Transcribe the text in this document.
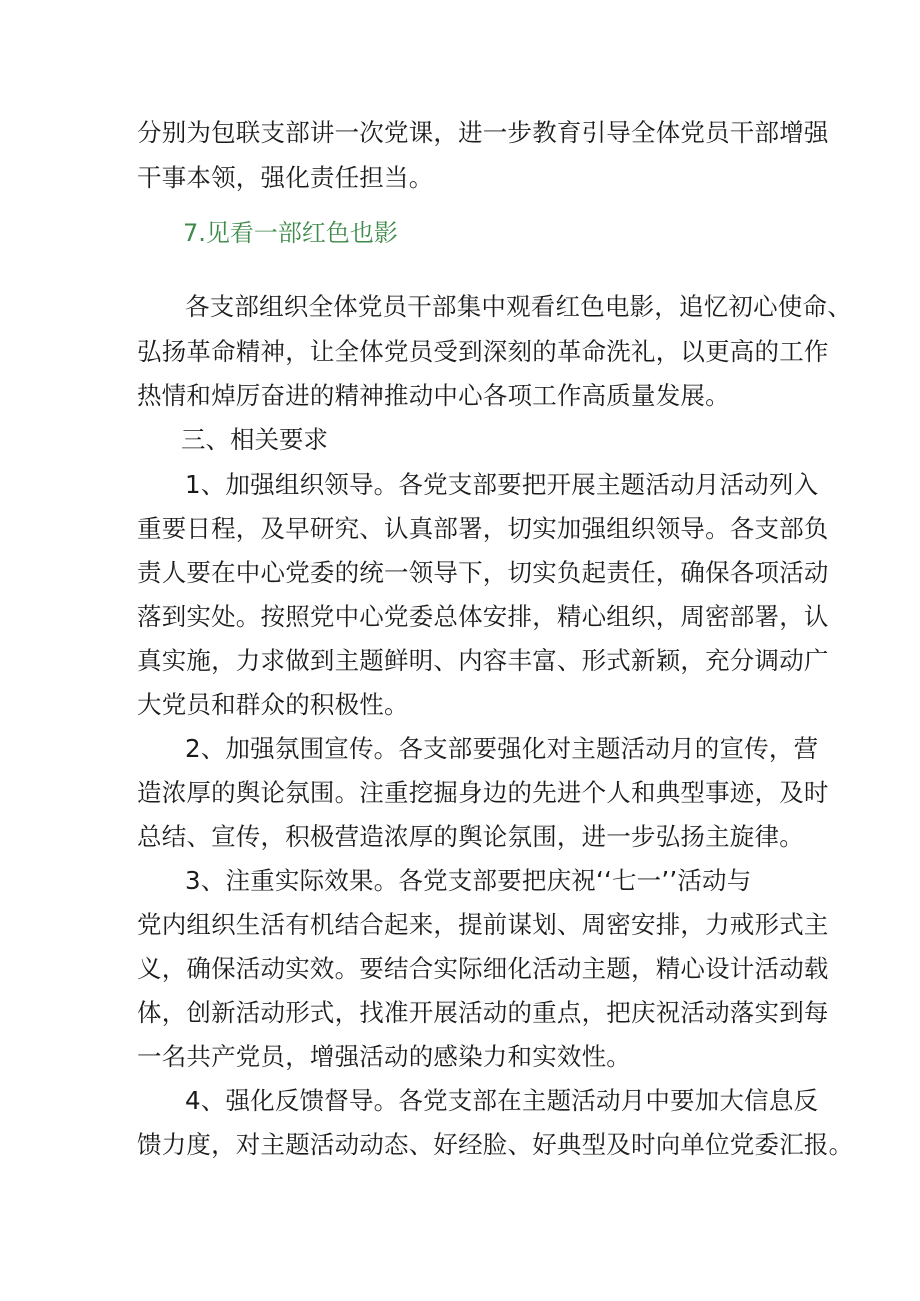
分别为包联支部讲一次党课，进一步教育引导全体党员干部增强
干事本领，强化责任担当。
7.见看一部红色也影
各支部组织全体党员干部集中观看红色电影，追忆初心使命、
弘扬革命精神，让全体党员受到深刻的革命洗礼，以更高的工作
热情和焯厉奋进的精神推动中心各项工作高质量发展。
三、相关要求
1、加强组织领导。各党支部要把开展主题活动月活动列入
重要日程，及早研究、认真部署，切实加强组织领导。各支部负
责人要在中心党委的统一领导下，切实负起责任，确保各项活动
落到实处。按照党中心党委总体安排，精心组织，周密部署，认
真实施，力求做到主题鲜明、内容丰富、形式新颖，充分调动广
大党员和群众的积极性。
2、加强氛围宣传。各支部要强化对主题活动月的宣传，营
造浓厚的舆论氛围。注重挖掘身边的先进个人和典型事迹，及时
总结、宣传，积极营造浓厚的舆论氛围，进一步弘扬主旋律。
3、注重实际效果。各党支部要把庆祝‘‘七一’’活动与
党内组织生活有机结合起来，提前谋划、周密安排，力戒形式主
义，确保活动实效。要结合实际细化活动主题，精心设计活动载
体，创新活动形式，找准开展活动的重点，把庆祝活动落实到每
一名共产党员，增强活动的感染力和实效性。
4、强化反馈督导。各党支部在主题活动月中要加大信息反
馈力度，对主题活动动态、好经脸、好典型及时向单位党委汇报。
